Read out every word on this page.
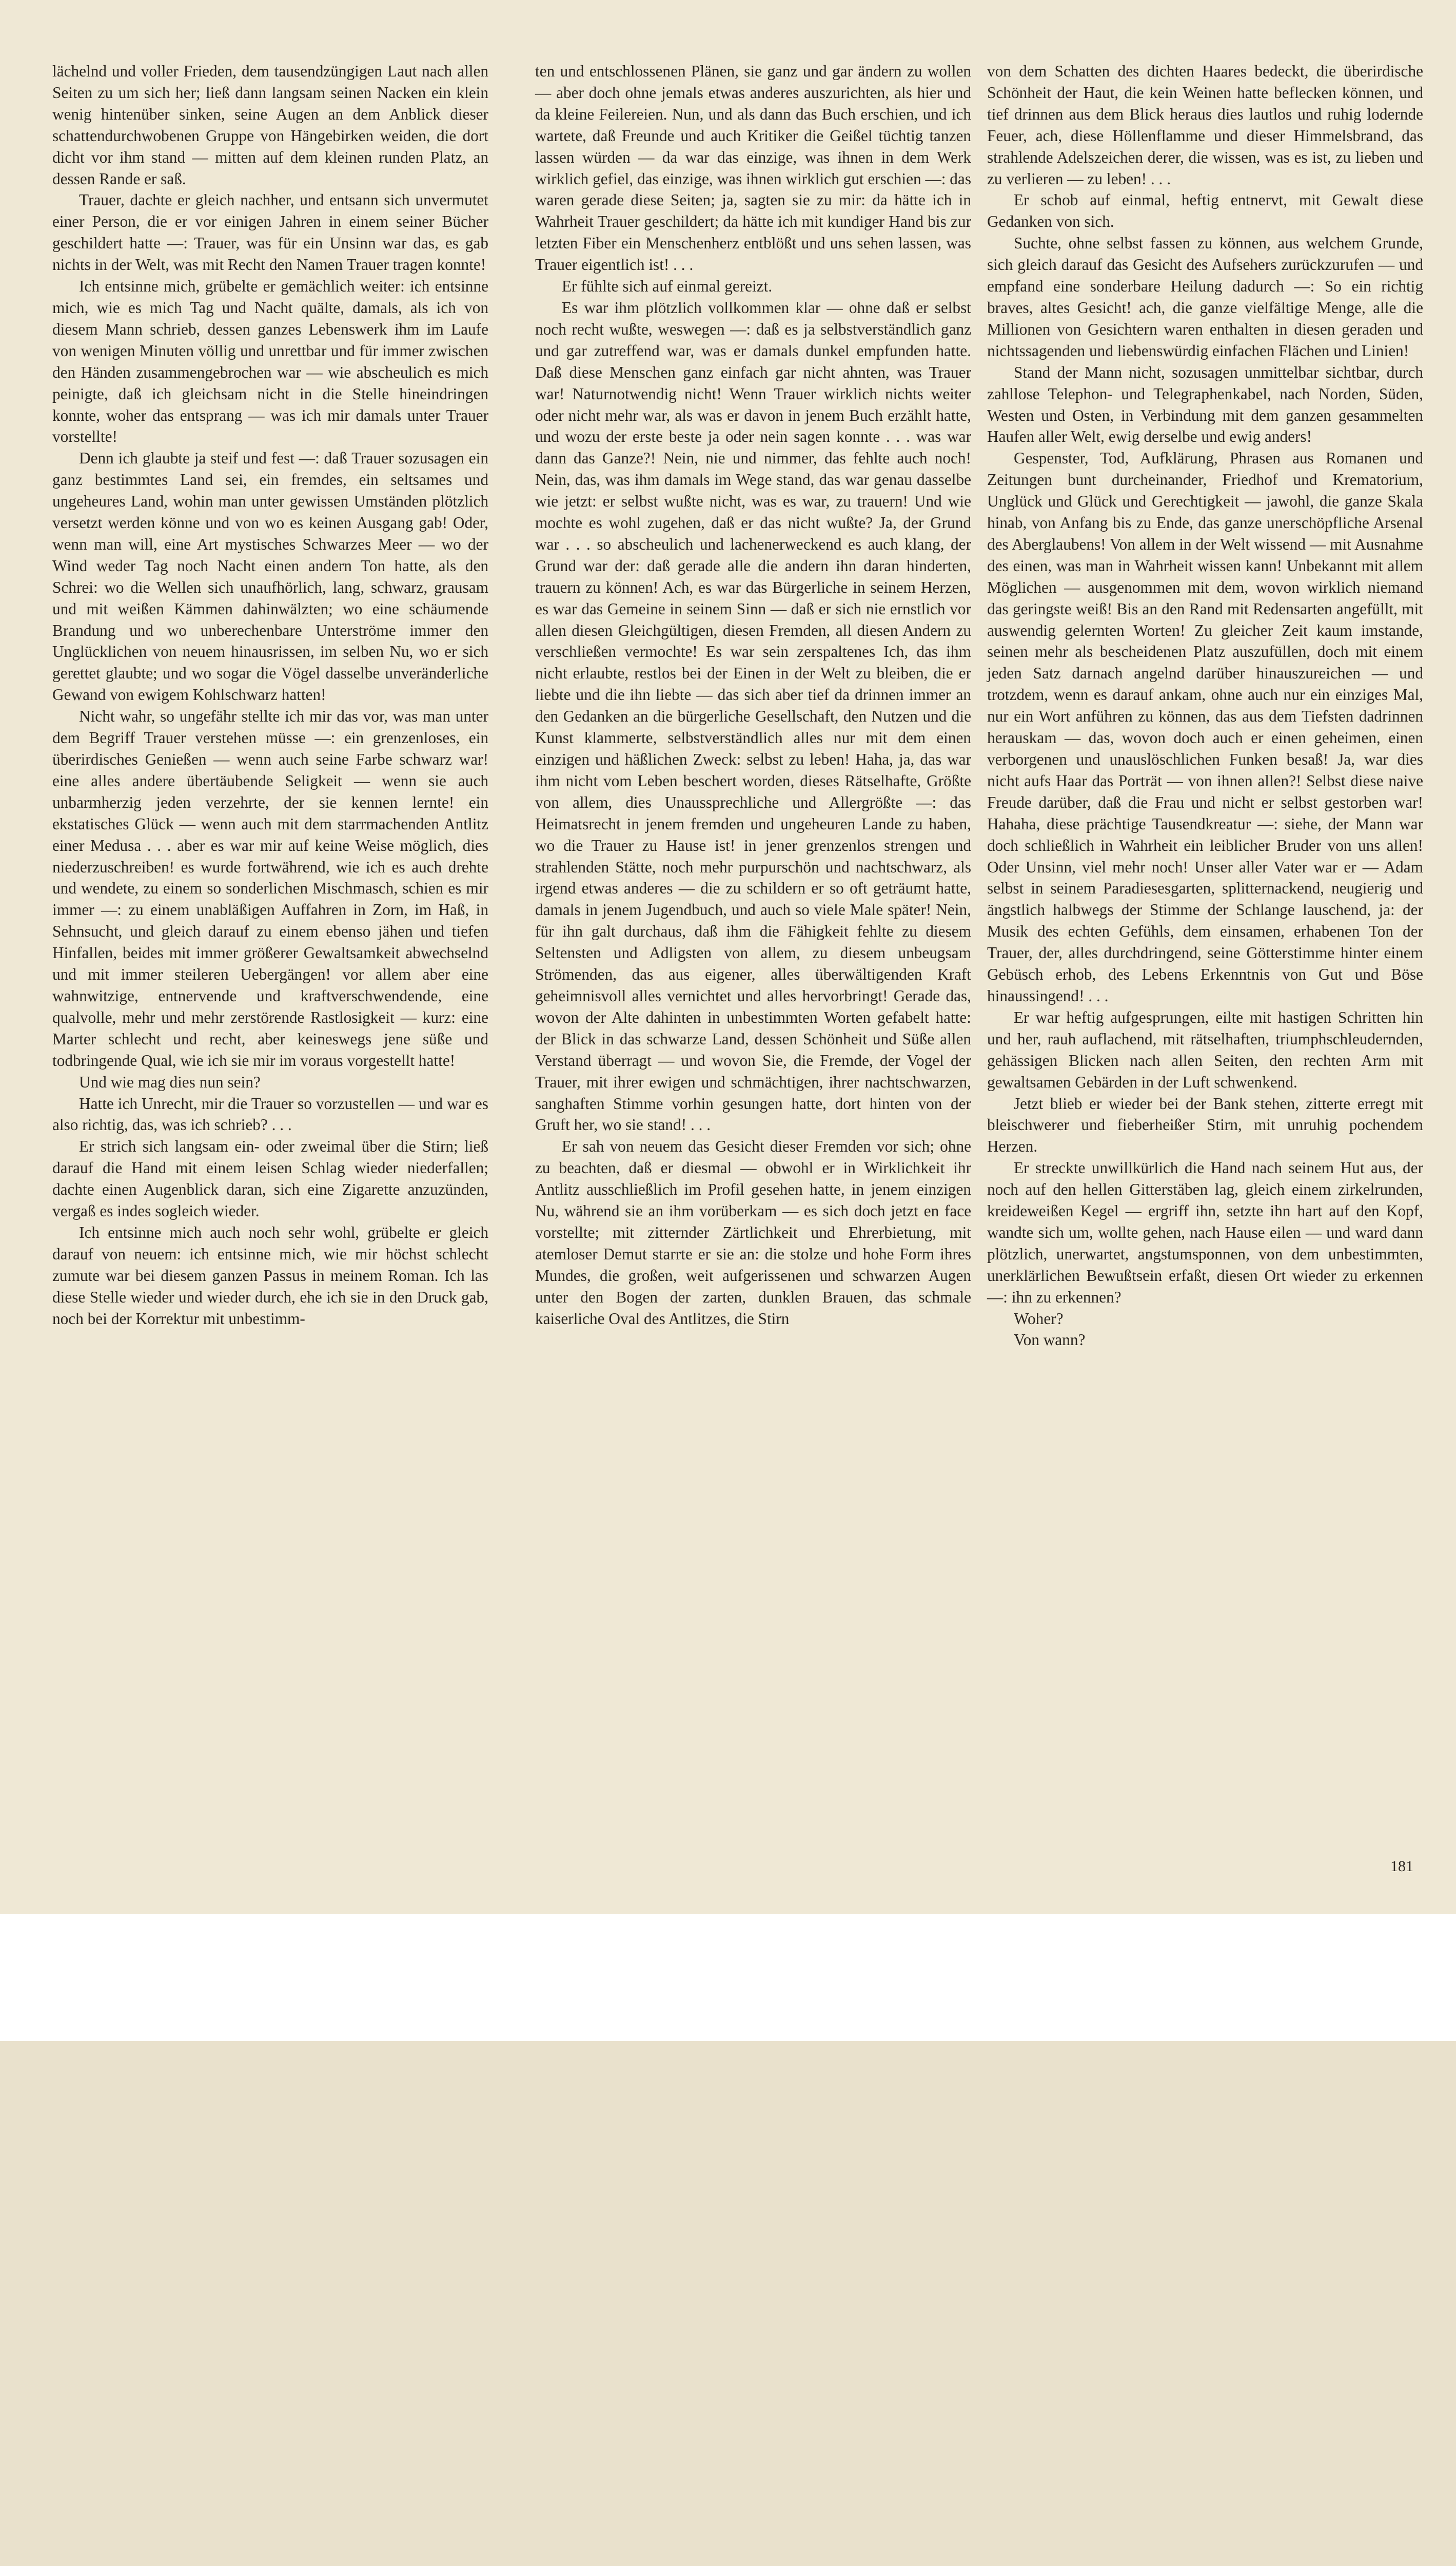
lächelnd und voller Frieden, dem tausendzüngigen Laut nach allen Seiten zu um sich her; ließ dann langsam seinen Nacken ein klein wenig hintenüber sinken, seine Augen an dem Anblick dieser schattendurchwobenen Gruppe von Hängebirken weiden, die dort dicht vor ihm stand — mitten auf dem kleinen runden Platz, an dessen Rande er saß.

Trauer, dachte er gleich nachher, und entsann sich unvermutet einer Person, die er vor einigen Jahren in einem seiner Bücher geschildert hatte —: Trauer, was für ein Unsinn war das, es gab nichts in der Welt, was mit Recht den Namen Trauer tragen konnte!

Ich entsinne mich, grübelte er gemächlich weiter: ich entsinne mich, wie es mich Tag und Nacht quälte, damals, als ich von diesem Mann schrieb, dessen ganzes Lebenswerk ihm im Laufe von wenigen Minuten völlig und unrettbar und für immer zwischen den Händen zusammengebrochen war — wie abscheulich es mich peinigte, daß ich gleichsam nicht in die Stelle hineindringen konnte, woher das entsprang — was ich mir damals unter Trauer vorstellte!

Denn ich glaubte ja steif und fest —: daß Trauer sozusagen ein ganz bestimmtes Land sei, ein fremdes, ein seltsames und ungeheures Land, wohin man unter gewissen Umständen plötzlich versetzt werden könne und von wo es keinen Ausgang gab! Oder, wenn man will, eine Art mystisches Schwarzes Meer — wo der Wind weder Tag noch Nacht einen andern Ton hatte, als den Schrei: wo die Wellen sich unaufhörlich, lang, schwarz, grausam und mit weißen Kämmen dahinwälzten; wo eine schäumende Brandung und wo unberechenbare Unterströme immer den Unglücklichen von neuem hinausrissen, im selben Nu, wo er sich gerettet glaubte; und wo sogar die Vögel dasselbe unveränderliche Gewand von ewigem Kohlschwarz hatten!

Nicht wahr, so ungefähr stellte ich mir das vor, was man unter dem Begriff Trauer verstehen müsse —: ein grenzenloses, ein überirdisches Genießen — wenn auch seine Farbe schwarz war! eine alles andere übertäubende Seligkeit — wenn sie auch unbarmherzig jeden verzehrte, der sie kennen lernte! ein ekstatisches Glück — wenn auch mit dem starrmachenden Antlitz einer Medusa . . . aber es war mir auf keine Weise möglich, dies niederzuschreiben! es wurde fortwährend, wie ich es auch drehte und wendete, zu einem so sonderlichen Mischmasch, schien es mir immer —: zu einem unabläßigen Auffahren in Zorn, im Haß, in Sehnsucht, und gleich darauf zu einem ebenso jähen und tiefen Hinfallen, beides mit immer größerer Gewaltsamkeit abwechselnd und mit immer steileren Uebergängen! vor allem aber eine wahnwitzige, entnervende und kraftverschwendende, eine qualvolle, mehr und mehr zerstörende Rastlosigkeit — kurz: eine Marter schlecht und recht, aber keineswegs jene süße und todbringende Qual, wie ich sie mir im voraus vorgestellt hatte!

Und wie mag dies nun sein?

Hatte ich Unrecht, mir die Trauer so vorzustellen — und war es also richtig, das, was ich schrieb? . . .

Er strich sich langsam ein- oder zweimal über die Stirn; ließ darauf die Hand mit einem leisen Schlag wieder niederfallen; dachte einen Augenblick daran, sich eine Zigarette anzuzünden, vergaß es indes sogleich wieder.

Ich entsinne mich auch noch sehr wohl, grübelte er gleich darauf von neuem: ich entsinne mich, wie mir höchst schlecht zumute war bei diesem ganzen Passus in meinem Roman. Ich las diese Stelle wieder und wieder durch, ehe ich sie in den Druck gab, noch bei der Korrektur mit unbestimm-

ten und entschlossenen Plänen, sie ganz und gar ändern zu wollen — aber doch ohne jemals etwas anderes auszurichten, als hier und da kleine Feilereien. Nun, und als dann das Buch erschien, und ich wartete, daß Freunde und auch Kritiker die Geißel tüchtig tanzen lassen würden — da war das einzige, was ihnen in dem Werk wirklich gefiel, das einzige, was ihnen wirklich gut erschien —: das waren gerade diese Seiten; ja, sagten sie zu mir: da hätte ich in Wahrheit Trauer geschildert; da hätte ich mit kundiger Hand bis zur letzten Fiber ein Menschenherz entblößt und uns sehen lassen, was Trauer eigentlich ist! . . .

Er fühlte sich auf einmal gereizt.

Es war ihm plötzlich vollkommen klar — ohne daß er selbst noch recht wußte, weswegen —: daß es ja selbstverständlich ganz und gar zutreffend war, was er damals dunkel empfunden hatte. Daß diese Menschen ganz einfach gar nicht ahnten, was Trauer war! Naturnotwendig nicht! Wenn Trauer wirklich nichts weiter oder nicht mehr war, als was er davon in jenem Buch erzählt hatte, und wozu der erste beste ja oder nein sagen konnte . . . was war dann das Ganze?! Nein, nie und nimmer, das fehlte auch noch! Nein, das, was ihm damals im Wege stand, das war genau dasselbe wie jetzt: er selbst wußte nicht, was es war, zu trauern! Und wie mochte es wohl zugehen, daß er das nicht wußte? Ja, der Grund war . . . so abscheulich und lachenerweckend es auch klang, der Grund war der: daß gerade alle die andern ihn daran hinderten, trauern zu können! Ach, es war das Bürgerliche in seinem Herzen, es war das Gemeine in seinem Sinn — daß er sich nie ernstlich vor allen diesen Gleichgültigen, diesen Fremden, all diesen Andern zu verschließen vermochte! Es war sein zerspaltenes Ich, das ihm nicht erlaubte, restlos bei der Einen in der Welt zu bleiben, die er liebte und die ihn liebte — das sich aber tief da drinnen immer an den Gedanken an die bürgerliche Gesellschaft, den Nutzen und die Kunst klammerte, selbstverständlich alles nur mit dem einen einzigen und häßlichen Zweck: selbst zu leben! Haha, ja, das war ihm nicht vom Leben beschert worden, dieses Rätselhafte, Größte von allem, dies Unaussprechliche und Allergrößte —: das Heimatsrecht in jenem fremden und ungeheuren Lande zu haben, wo die Trauer zu Hause ist! in jener grenzenlos strengen und strahlenden Stätte, noch mehr purpurschön und nachtschwarz, als irgend etwas anderes — die zu schildern er so oft geträumt hatte, damals in jenem Jugendbuch, und auch so viele Male später! Nein, für ihn galt durchaus, daß ihm die Fähigkeit fehlte zu diesem Seltensten und Adligsten von allem, zu diesem unbeugsam Strömenden, das aus eigener, alles überwältigenden Kraft geheimnisvoll alles vernichtet und alles hervorbringt! Gerade das, wovon der Alte dahinten in unbestimmten Worten gefabelt hatte: der Blick in das schwarze Land, dessen Schönheit und Süße allen Verstand überragt — und wovon Sie, die Fremde, der Vogel der Trauer, mit ihrer ewigen und schmächtigen, ihrer nachtschwarzen, sanghaften Stimme vorhin gesungen hatte, dort hinten von der Gruft her, wo sie stand! . . .

Er sah von neuem das Gesicht dieser Fremden vor sich; ohne zu beachten, daß er diesmal — obwohl er in Wirklichkeit ihr Antlitz ausschließlich im Profil gesehen hatte, in jenem einzigen Nu, während sie an ihm vorüberkam — es sich doch jetzt en face vorstellte; mit zitternder Zärtlichkeit und Ehrerbietung, mit atemloser Demut starrte er sie an: die stolze und hohe Form ihres Mundes, die großen, weit aufgerissenen und schwarzen Augen unter den Bogen der zarten, dunklen Brauen, das schmale kaiserliche Oval des Antlitzes, die Stirn

von dem Schatten des dichten Haares bedeckt, die überirdische Schönheit der Haut, die kein Weinen hatte beflecken können, und tief drinnen aus dem Blick heraus dies lautlos und ruhig lodernde Feuer, ach, diese Höllenflamme und dieser Himmelsbrand, das strahlende Adelszeichen derer, die wissen, was es ist, zu lieben und zu verlieren — zu leben! . . .

Er schob auf einmal, heftig entnervt, mit Gewalt diese Gedanken von sich.

Suchte, ohne selbst fassen zu können, aus welchem Grunde, sich gleich darauf das Gesicht des Aufsehers zurückzurufen — und empfand eine sonderbare Heilung dadurch —: So ein richtig braves, altes Gesicht! ach, die ganze vielfältige Menge, alle die Millionen von Gesichtern waren enthalten in diesen geraden und nichtssagenden und liebenswürdig einfachen Flächen und Linien!

Stand der Mann nicht, sozusagen unmittelbar sichtbar, durch zahllose Telephon- und Telegraphenkabel, nach Norden, Süden, Westen und Osten, in Verbindung mit dem ganzen gesammelten Haufen aller Welt, ewig derselbe und ewig anders!

Gespenster, Tod, Aufklärung, Phrasen aus Romanen und Zeitungen bunt durcheinander, Friedhof und Krematorium, Unglück und Glück und Gerechtigkeit — jawohl, die ganze Skala hinab, von Anfang bis zu Ende, das ganze unerschöpfliche Arsenal des Aberglaubens! Von allem in der Welt wissend — mit Ausnahme des einen, was man in Wahrheit wissen kann! Unbekannt mit allem Möglichen — ausgenommen mit dem, wovon wirklich niemand das geringste weiß! Bis an den Rand mit Redensarten angefüllt, mit auswendig gelernten Worten! Zu gleicher Zeit kaum imstande, seinen mehr als bescheidenen Platz auszufüllen, doch mit einem jeden Satz darnach angelnd darüber hinauszureichen — und trotzdem, wenn es darauf ankam, ohne auch nur ein einziges Mal, nur ein Wort anführen zu können, das aus dem Tiefsten dadrinnen herauskam — das, wovon doch auch er einen geheimen, einen verborgenen und unauslöschlichen Funken besaß! Ja, war dies nicht aufs Haar das Porträt — von ihnen allen?! Selbst diese naive Freude darüber, daß die Frau und nicht er selbst gestorben war! Hahaha, diese prächtige Tausendkreatur —: siehe, der Mann war doch schließlich in Wahrheit ein leiblicher Bruder von uns allen! Oder Unsinn, viel mehr noch! Unser aller Vater war er — Adam selbst in seinem Paradiesesgarten, splitternackend, neugierig und ängstlich halbwegs der Stimme der Schlange lauschend, ja: der Musik des echten Gefühls, dem einsamen, erhabenen Ton der Trauer, der, alles durchdringend, seine Götterstimme hinter einem Gebüsch erhob, des Lebens Erkenntnis von Gut und Böse hinaussingend! . . .

Er war heftig aufgesprungen, eilte mit hastigen Schritten hin und her, rauh auflachend, mit rätselhaften, triumphschleudernden, gehässigen Blicken nach allen Seiten, den rechten Arm mit gewaltsamen Gebärden in der Luft schwenkend.

Jetzt blieb er wieder bei der Bank stehen, zitterte erregt mit bleischwerer und fieberheißer Stirn, mit unruhig pochendem Herzen.

Er streckte unwillkürlich die Hand nach seinem Hut aus, der noch auf den hellen Gitterstäben lag, gleich einem zirkelrunden, kreideweißen Kegel — ergriff ihn, setzte ihn hart auf den Kopf, wandte sich um, wollte gehen, nach Hause eilen — und ward dann plötzlich, unerwartet, angstumsponnen, von dem unbestimmten, unerklärlichen Bewußtsein erfaßt, diesen Ort wieder zu erkennen —: ihn zu erkennen?

Woher?

Von wann?

181
